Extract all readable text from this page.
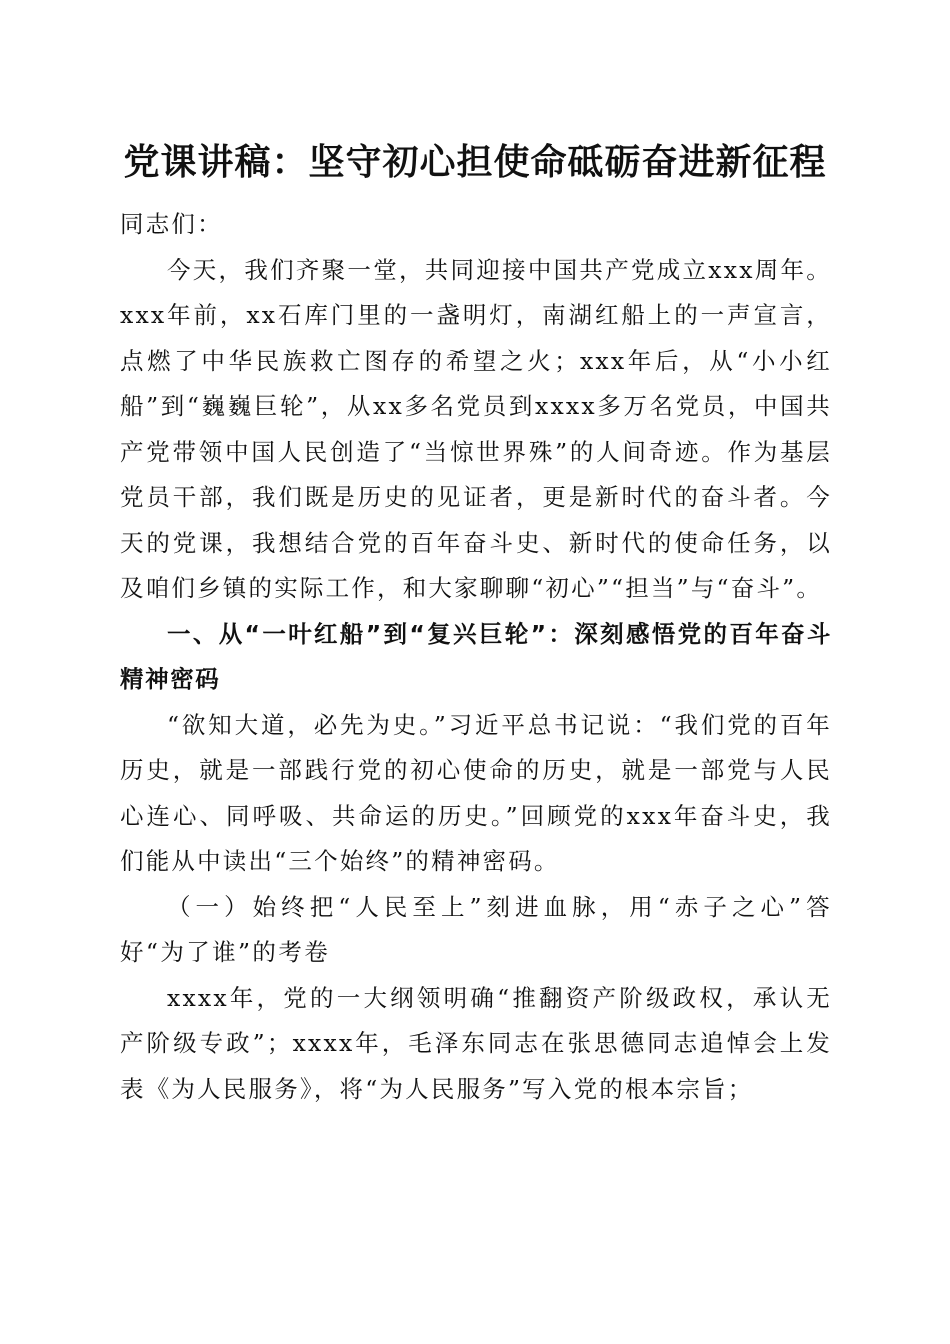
党课讲稿：坚守初心担使命砥砺奋进新征程

同志们：

今天，我们齐聚一堂，共同迎接中国共产党成立xxx周年。xxx年前，xx石库门里的一盏明灯，南湖红船上的一声宣言，点燃了中华民族救亡图存的希望之火；xxx年后，从“小小红船”到“巍巍巨轮”，从xx多名党员到xxxx多万名党员，中国共产党带领中国人民创造了“当惊世界殊”的人间奇迹。作为基层党员干部，我们既是历史的见证者，更是新时代的奋斗者。今天的党课，我想结合党的百年奋斗史、新时代的使命任务，以及咱们乡镇的实际工作，和大家聊聊“初心”“担当”与“奋斗”。

一、从“一叶红船”到“复兴巨轮”：深刻感悟党的百年奋斗精神密码

“欲知大道，必先为史。”习近平总书记说：“我们党的百年历史，就是一部践行党的初心使命的历史，就是一部党与人民心连心、同呼吸、共命运的历史。”回顾党的xxx年奋斗史，我们能从中读出“三个始终”的精神密码。

（一）始终把“人民至上”刻进血脉，用“赤子之心”答好“为了谁”的考卷

xxxx年，党的一大纲领明确“推翻资产阶级政权，承认无产阶级专政”；xxxx年，毛泽东同志在张思德同志追悼会上发表《为人民服务》，将“为人民服务”写入党的根本宗旨；
